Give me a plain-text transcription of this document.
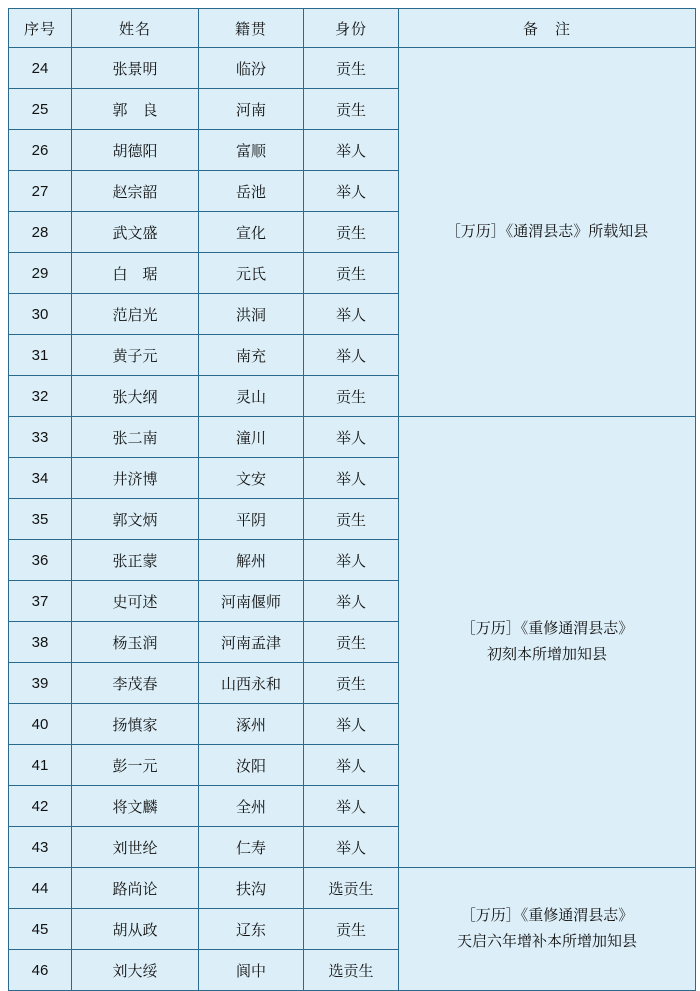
序号	姓名	籍贯	身份	备　注
24	张景明	临汾	贡生	［万历］《通渭县志》所载知县

25	郭　良	河南	贡生	
26	胡德阳	富顺	举人	
27	赵宗韶	岳池	举人	
28	武文盛	宣化	贡生	
29	白　琚	元氏	贡生	
30	范启光	洪洞	举人	
31	黄子元	南充	举人	
32	张大纲	灵山	贡生	
33	张二南	潼川	举人	［万历］《重修通渭县志》
初刻本所增加知县

34	井济博	文安	举人	
35	郭文炳	平阴	贡生	
36	张正蒙	解州	举人	
37	史可述	河南偃师	举人	
38	杨玉润	河南孟津	贡生	
39	李茂春	山西永和	贡生	
40	扬慎家	涿州	举人	
41	彭一元	汝阳	举人	
42	将文麟	全州	举人	
43	刘世纶	仁寿	举人	
44	路尚论	扶沟	选贡生	［万历］《重修通渭县志》
天启六年增补本所增加知县

45	胡从政	辽东	贡生	
46	刘大绥	阆中	选贡生	
